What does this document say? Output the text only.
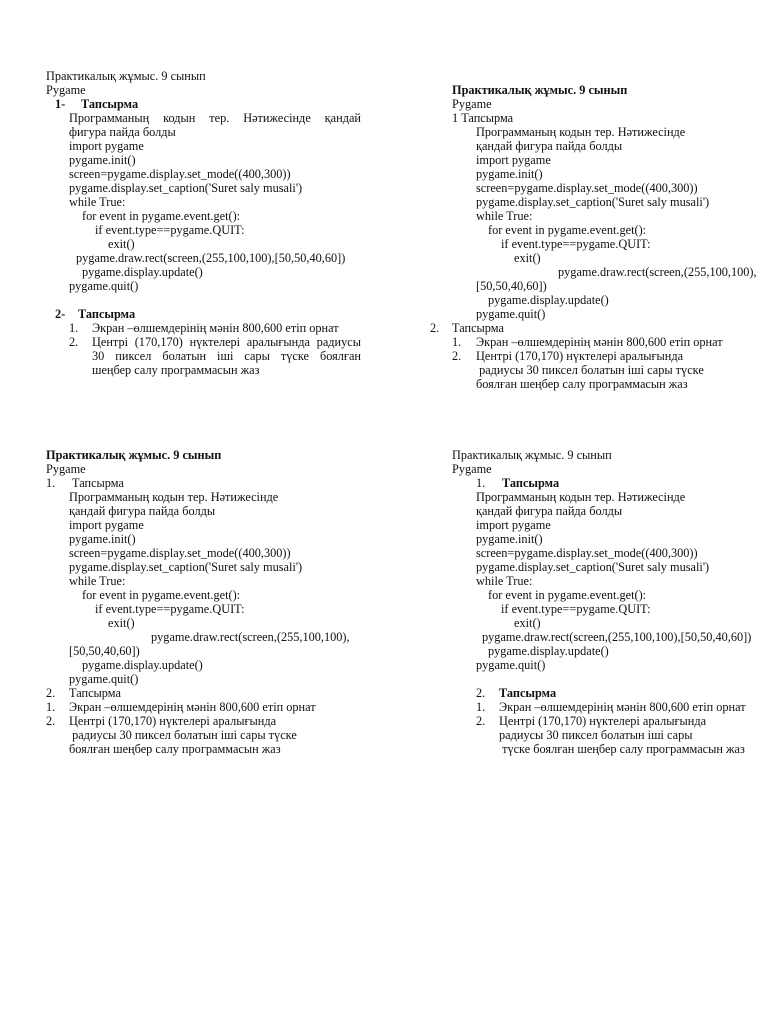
Практикалық жұмыс. 9 сынып
Pygame
1- Тапсырма
Программаның кодын тер. Нәтижесінде қандай
фигура пайда болды
import pygame
pygame.init()
screen=pygame.display.set_mode((400,300))
pygame.display.set_caption('Suret saly musali')
while True:
for event in pygame.event.get():
if event.type==pygame.QUIT:
exit()
pygame.draw.rect(screen,(255,100,100),[50,50,40,60])
pygame.display.update()
pygame.quit()
2- Тапсырма
1. Экран –өлшемдерінің мәнін 800,600 етіп орнат
2. Центрі (170,170) нүктелері аралығында радиусы
30 пиксел болатын іші сары түске боялған
шеңбер салу программасын жаз
Практикалық жұмыс. 9 сынып
Pygame
1 Тапсырма
Программаның кодын тер. Нәтижесінде
қандай фигура пайда болды
import pygame
pygame.init()
screen=pygame.display.set_mode((400,300))
pygame.display.set_caption('Suret saly musali')
while True:
for event in pygame.event.get():
if event.type==pygame.QUIT:
exit()
pygame.draw.rect(screen,(255,100,100),
[50,50,40,60])
pygame.display.update()
pygame.quit()
2. Тапсырма
1. Экран –өлшемдерінің мәнін 800,600 етіп орнат
2. Центрі (170,170) нүктелері аралығында
радиусы 30 пиксел болатын іші сары түске
боялған шеңбер салу программасын жаз
Практикалық жұмыс. 9 сынып
Pygame
1. Тапсырма
Программаның кодын тер. Нәтижесінде
қандай фигура пайда болды
import pygame
pygame.init()
screen=pygame.display.set_mode((400,300))
pygame.display.set_caption('Suret saly musali')
while True:
for event in pygame.event.get():
if event.type==pygame.QUIT:
exit()
pygame.draw.rect(screen,(255,100,100),
[50,50,40,60])
pygame.display.update()
pygame.quit()
2. Тапсырма
1. Экран –өлшемдерінің мәнін 800,600 етіп орнат
2. Центрі (170,170) нүктелері аралығында
радиусы 30 пиксел болатын іші сары түске
боялған шеңбер салу программасын жаз
Практикалық жұмыс. 9 сынып
Pygame
1. Тапсырма
Программаның кодын тер. Нәтижесінде
қандай фигура пайда болды
import pygame
pygame.init()
screen=pygame.display.set_mode((400,300))
pygame.display.set_caption('Suret saly musali')
while True:
for event in pygame.event.get():
if event.type==pygame.QUIT:
exit()
pygame.draw.rect(screen,(255,100,100),[50,50,40,60])
pygame.display.update()
pygame.quit()
2. Тапсырма
1. Экран –өлшемдерінің мәнін 800,600 етіп орнат
2. Центрі (170,170) нүктелері аралығында
радиусы 30 пиксел болатын іші сары
түске боялған шеңбер салу программасын жаз
